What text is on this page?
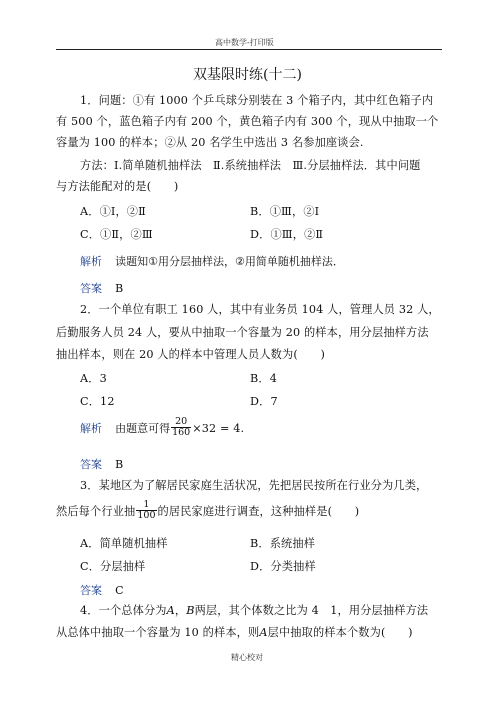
高中数学-打印版
双基限时练(十二)
1．问题：①有 1000 个乒乓球分别装在 3 个箱子内，其中红色箱子内
有 500 个，蓝色箱子内有 200 个，黄色箱子内有 300 个，现从中抽取一个
容量为 100 的样本；②从 20 名学生中选出 3 名参加座谈会.
方法：Ⅰ.简单随机抽样法　Ⅱ.系统抽样法　Ⅲ.分层抽样法．其中问题
与方法能配对的是(　　)
A．①Ⅰ，②Ⅱ	B．①Ⅲ，②Ⅰ
C．①Ⅱ，②Ⅲ	D．①Ⅲ，②Ⅱ
解析 读题知①用分层抽样法，②用简单随机抽样法．
答案 B
2．一个单位有职工 160 人，其中有业务员 104 人，管理人员 32 人，
后勤服务人员 24 人，要从中抽取一个容量为 20 的样本，用分层抽样方法
抽出样本，则在 20 人的样本中管理人员人数为(　　)
A．3	B．4
C．12	D．7
解析 由题意可得 $\frac{20}{160} \times 32 = 4$.
答案 B
3．某地区为了解居民家庭生活状况，先把居民按所在行业分为几类，
然后每个行业抽 $\frac{1}{100}$ 的居民家庭进行调查，这种抽样是(　　)
A．简单随机抽样	B．系统抽样
C．分层抽样	D．分类抽样
答案 C
4．一个总体分为A，B两层，其个体数之比为 4　1，用分层抽样方法
从总体中抽取一个容量为 10 的样本，则A层中抽取的样本个数为(　　)
精心校对
